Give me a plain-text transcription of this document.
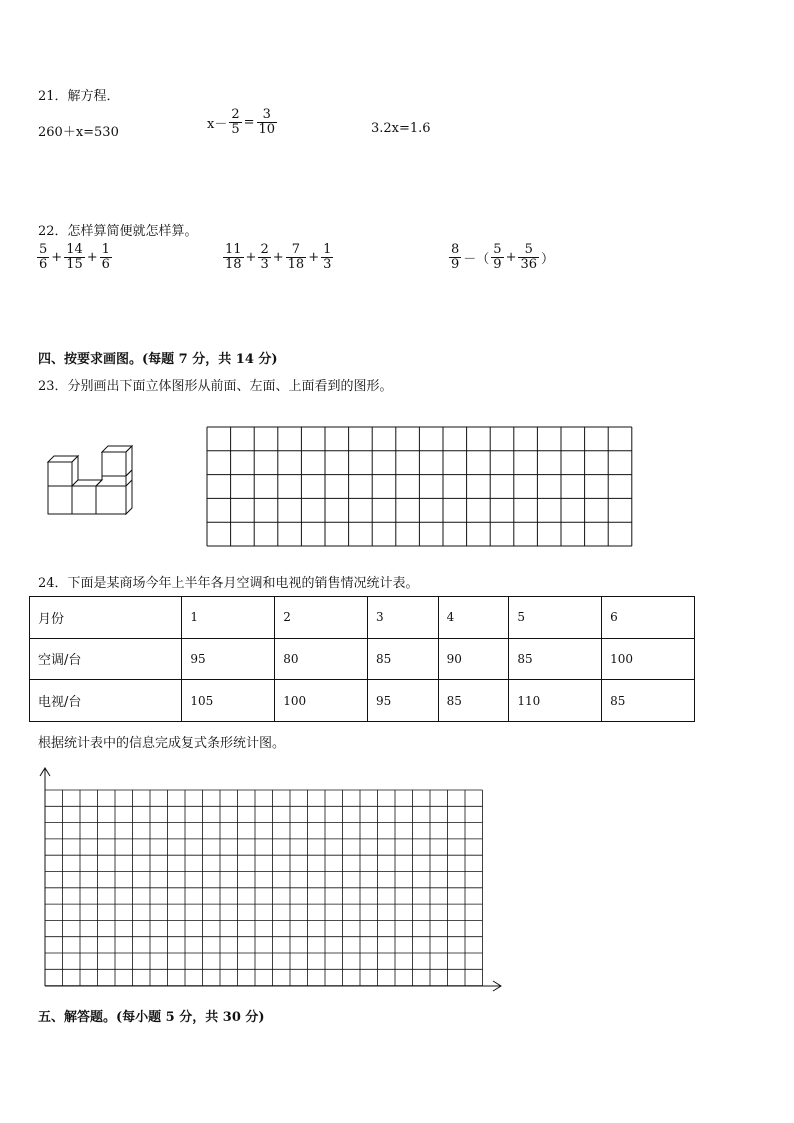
21．解方程．
260＋x=530
$x- \frac{2}{5} = \frac{3}{10}$	3.2x=1.6
22．怎样算简便就怎样算。
$\frac{5}{6} + \frac{14}{15} + \frac{1}{6}$	$\frac{11}{18} + \frac{2}{3} + \frac{7}{18} + \frac{1}{3}$	$\frac{8}{9}$ －（ $\frac{5}{9} + \frac{5}{36}$ ）
四、按要求画图。(每题 7 分，共 14 分)
23．分别画出下面立体图形从前面、左面、上面看到的图形。
24．下面是某商场今年上半年各月空调和电视的销售情况统计表。
月份	1	2	3	4	5	6
空调/台	95	80	85	90	85	100
电视/台	105	100	95	85	110	85
根据统计表中的信息完成复式条形统计图。
五、解答题。(每小题 5 分，共 30 分)
